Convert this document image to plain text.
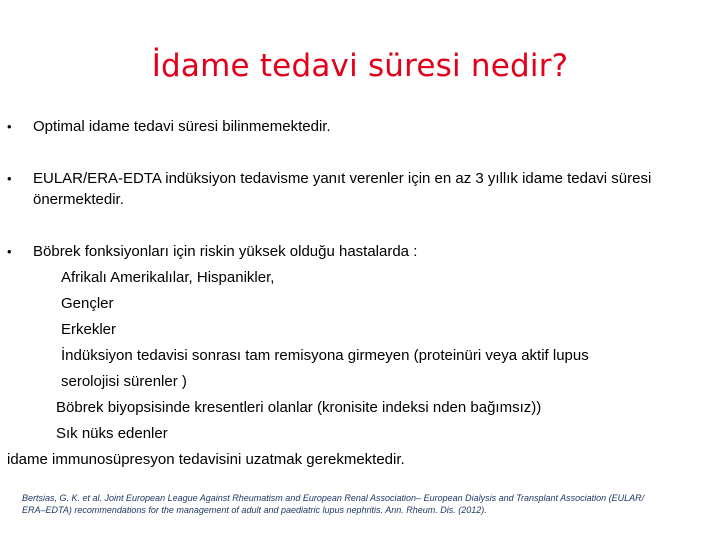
İdame tedavi süresi nedir?
• Optimal idame tedavi süresi bilinmemektedir.
• EULAR/ERA-EDTA indüksiyon tedavisme yanıt verenler için en az 3 yıllık idame tedavi süresi
önermektedir.
• Böbrek fonksiyonları için riskin yüksek olduğu hastalarda :
Afrikalı Amerikalılar, Hispanikler,
Gençler
Erkekler
İndüksiyon tedavisi sonrası tam remisyona girmeyen (proteinüri veya aktif lupus
serolojisi sürenler )
Böbrek biyopsisinde kresentleri olanlar (kronisite indeksi nden bağımsız))
Sık nüks edenler
idame immunosüpresyon tedavisini uzatmak gerekmektedir.
Bertsias, G. K. et al. Joint European League Against Rheumatism and European Renal Association– European Dialysis and Transplant Association (EULAR/
ERA–EDTA) recommendations for the management of adult and paediatric lupus nephritis. Ann. Rheum. Dis. (2012).
